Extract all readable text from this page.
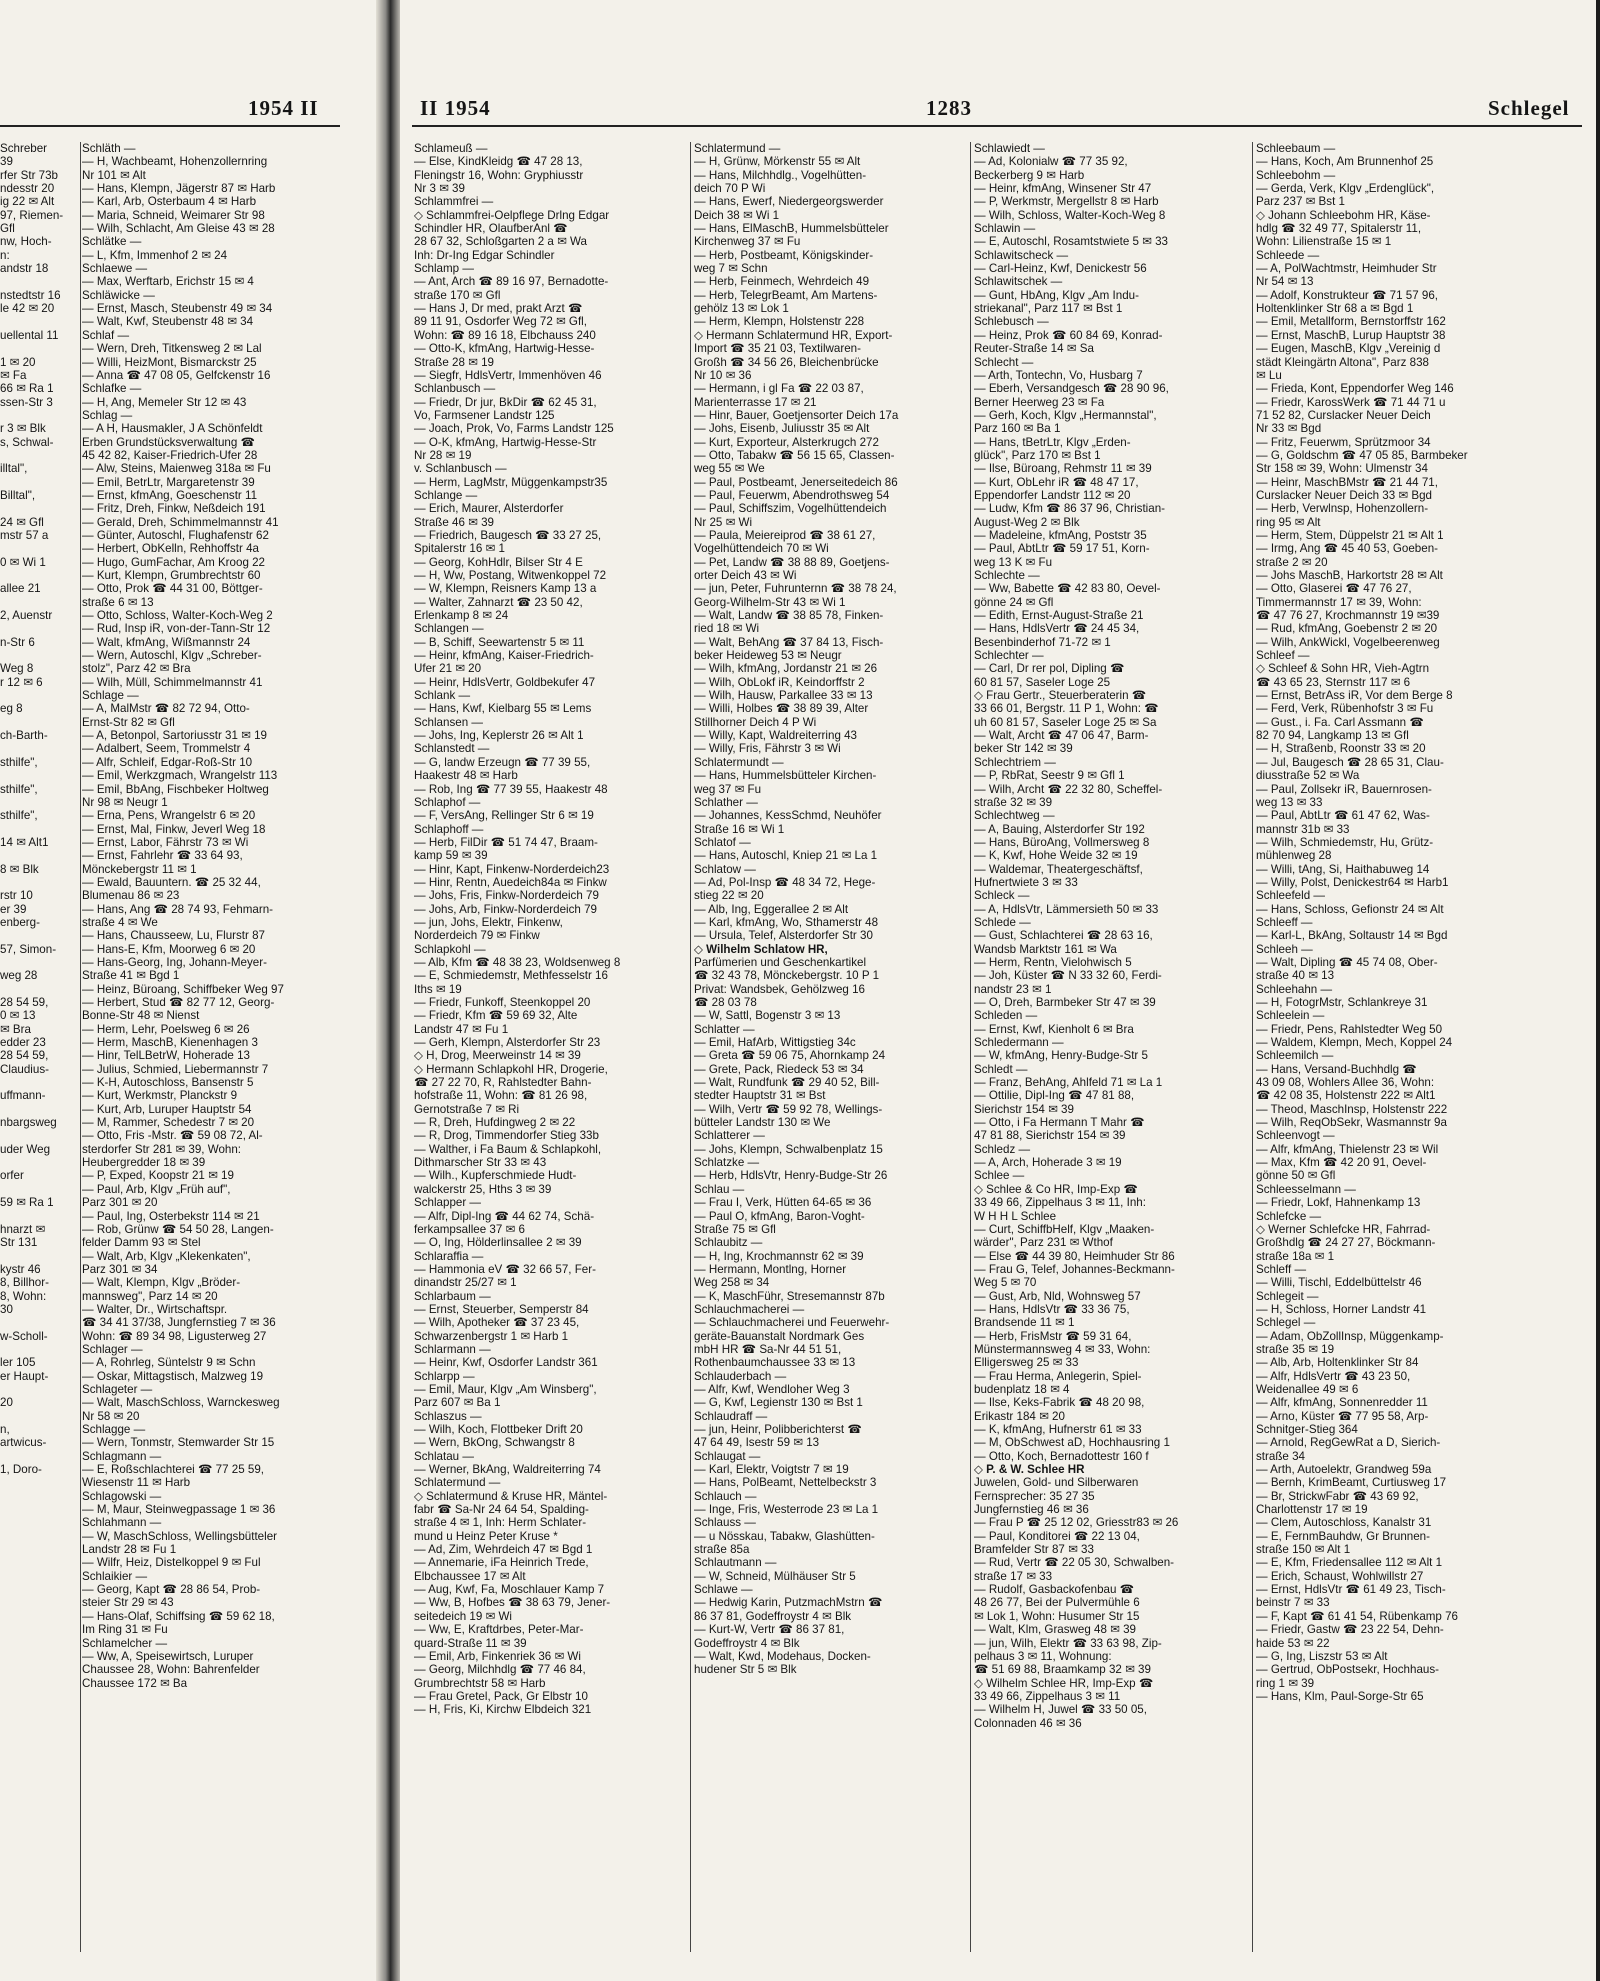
1954 II
Schreber
39
rfer Str 73b
ndesstr 20
ig 22 ✉ Alt
97, Riemen-
Gfl
nw, Hoch-
n:
andstr 18
nstedtstr 16
le 42 ✉ 20
uellental 11
1 ✉ 20
✉ Fa
66 ✉ Ra 1
ssen-Str 3
r 3 ✉ Blk
s, Schwal-
illtal",
Billtal",
24 ✉ Gfl
mstr 57 a
0 ✉ Wi 1
allee 21
2, Auenstr
n-Str 6
Weg 8
r 12 ✉ 6
eg 8
ch-Barth-
sthilfe",
sthilfe",
sthilfe",
14 ✉ Alt1
8 ✉ Blk
rstr 10
er 39
enberg-
57, Simon-
weg 28
28 54 59,
0 ✉ 13
✉ Bra
edder 23
28 54 59,
Claudius-
uffmann-
nbargsweg
uder Weg
orfer
59 ✉ Ra 1
hnarzt ✉
Str 131
kystr 46
8, Billhor-
8, Wohn:
30
w-Scholl-
ler 105
er Haupt-
20
n,
artwicus-
1, Doro-
Schläth —
— H, Wachbeamt, Hohenzollernring
Nr 101 ✉ Alt
— Hans, Klempn, Jägerstr 87 ✉ Harb
— Karl, Arb, Osterbaum 4 ✉ Harb
— Maria, Schneid, Weimarer Str 98
— Wilh, Schlacht, Am Gleise 43 ✉ 28
Schlätke —
— L, Kfm, Immenhof 2 ✉ 24
Schlaewe —
— Max, Werftarb, Erichstr 15 ✉ 4
Schläwicke —
— Ernst, Masch, Steubenstr 49 ✉ 34
— Walt, Kwf, Steubenstr 48 ✉ 34
Schlaf —
— Wern, Dreh, Titkensweg 2 ✉ Lal
— Willi, HeizMont, Bismarckstr 25
— Anna ☎ 47 08 05, Gelfckenstr 16
Schlafke —
— H, Ang, Memeler Str 12 ✉ 43
Schlag —
— A H, Hausmakler, J A Schönfeldt
Erben Grundstücksverwaltung ☎
45 42 82, Kaiser-Friedrich-Ufer 28
— Alw, Steins, Maienweg 318a ✉ Fu
— Emil, BetrLtr, Margaretenstr 39
— Ernst, kfmAng, Goeschenstr 11
— Fritz, Dreh, Finkw, Neßdeich 191
— Gerald, Dreh, Schimmelmannstr 41
— Günter, Autoschl, Flughafenstr 62
— Herbert, ObKelln, Rehhoffstr 4a
— Hugo, GumFachar, Am Kroog 22
— Kurt, Klempn, Grumbrechtstr 60
— Otto, Prok ☎ 44 31 00, Böttger-
straße 6 ✉ 13
— Otto, Schloss, Walter-Koch-Weg 2
— Rud, Insp iR, von-der-Tann-Str 12
— Walt, kfmAng, Wißmannstr 24
— Wern, Autoschl, Klgv „Schreber-
stolz", Parz 42 ✉ Bra
— Wilh, Müll, Schimmelmannstr 41
Schlage —
— A, MalMstr ☎ 82 72 94, Otto-
Ernst-Str 82 ✉ Gfl
— A, Betonpol, Sartoriusstr 31 ✉ 19
— Adalbert, Seem, Trommelstr 4
— Alfr, Schleif, Edgar-Roß-Str 10
— Emil, Werkzgmach, Wrangelstr 113
— Emil, BbAng, Fischbeker Holtweg
Nr 98 ✉ Neugr 1
— Erna, Pens, Wrangelstr 6 ✉ 20
— Ernst, Mal, Finkw, Jeverl Weg 18
— Ernst, Labor, Fährstr 73 ✉ Wi
— Ernst, Fahrlehr ☎ 33 64 93,
Mönckebergstr 11 ✉ 1
— Ewald, Bauuntern. ☎ 25 32 44,
Blumenau 86 ✉ 23
— Hans, Ang ☎ 28 74 93, Fehmarn-
straße 4 ✉ We
— Hans, Chausseew, Lu, Flurstr 87
— Hans-E, Kfm, Moorweg 6 ✉ 20
— Hans-Georg, Ing, Johann-Meyer-
Straße 41 ✉ Bgd 1
— Heinz, Büroang, Schiffbeker Weg 97
— Herbert, Stud ☎ 82 77 12, Georg-
Bonne-Str 48 ✉ Nienst
— Herm, Lehr, Poelsweg 6 ✉ 26
— Herm, MaschB, Kienenhagen 3
— Hinr, TelLBetrW, Hoherade 13
— Julius, Schmied, Liebermannstr 7
— K-H, Autoschloss, Bansenstr 5
— Kurt, Werkmstr, Planckstr 9
— Kurt, Arb, Luruper Hauptstr 54
— M, Rammer, Schedestr 7 ✉ 20
— Otto, Fris -Mstr. ☎ 59 08 72, Al-
sterdorfer Str 281 ✉ 39, Wohn:
Heubergredder 18 ✉ 39
— P, Exped, Koopstr 21 ✉ 19
— Paul, Arb, Klgv „Früh auf",
Parz 301 ✉ 20
— Paul, Ing, Osterbekstr 114 ✉ 21
— Rob, Grünw ☎ 54 50 28, Langen-
felder Damm 93 ✉ Stel
— Walt, Arb, Klgv „Klekenkaten",
Parz 301 ✉ 34
— Walt, Klempn, Klgv „Bröder-
mannsweg", Parz 14 ✉ 20
— Walter, Dr., Wirtschaftspr.
☎ 34 41 37/38, Jungfernstieg 7 ✉ 36
Wohn: ☎ 89 34 98, Ligusterweg 27
Schlager —
— A, Rohrleg, Süntelstr 9 ✉ Schn
— Oskar, Mittagstisch, Malzweg 19
Schlageter —
— Walt, MaschSchloss, Warnckesweg
Nr 58 ✉ 20
Schlagge —
— Wern, Tonmstr, Stemwarder Str 15
Schlagmann —
— E, Roßschlachterei ☎ 77 25 59,
Wiesenstr 11 ✉ Harb
Schlagowski —
— M, Maur, Steinwegpassage 1 ✉ 36
Schlahmann —
— W, MaschSchloss, Wellingsbütteler
Landstr 28 ✉ Fu 1
— Wilfr, Heiz, Distelkoppel 9 ✉ Ful
Schlaikier —
— Georg, Kapt ☎ 28 86 54, Prob-
steier Str 29 ✉ 43
— Hans-Olaf, Schiffsing ☎ 59 62 18,
Im Ring 31 ✉ Fu
Schlamelcher —
— Ww, A, Speisewirtsch, Luruper
Chaussee 28, Wohn: Bahrenfelder
Chaussee 172 ✉ Ba
II 1954	1283	Schlegel
Schlameuß —
— Else, KindKleidg ☎ 47 28 13,
Fleningstr 16, Wohn: Gryphiusstr
Nr 3 ✉ 39
Schlammfrei —
◇ Schlammfrei-Oelpflege Drlng Edgar
Schindler HR, OlaufberAnl ☎
28 67 32, Schloßgarten 2 a ✉ Wa
Inh: Dr-Ing Edgar Schindler
Schlamp —
— Ant, Arch ☎ 89 16 97, Bernadotte-
straße 170 ✉ Gfl
— Hans J, Dr med, prakt Arzt ☎
89 11 91, Osdorfer Weg 72 ✉ Gfl,
Wohn: ☎ 89 16 18, Elbchauss 240
— Otto-K, kfmAng, Hartwig-Hesse-
Straße 28 ✉ 19
— Siegfr, HdlsVertr, Immenhöven 46
Schlanbusch —
— Friedr, Dr jur, BkDir ☎ 62 45 31,
Vo, Farmsener Landstr 125
— Joach, Prok, Vo, Farms Landstr 125
— O-K, kfmAng, Hartwig-Hesse-Str
Nr 28 ✉ 19
v. Schlanbusch —
— Herm, LagMstr, Müggenkampstr35
Schlange —
— Erich, Maurer, Alsterdorfer
Straße 46 ✉ 39
— Friedrich, Baugesch ☎ 33 27 25,
Spitalerstr 16 ✉ 1
— Georg, KohHdlr, Bilser Str 4 E
— H, Ww, Postang, Witwenkoppel 72
— W, Klempn, Reisners Kamp 13 a
— Walter, Zahnarzt ☎ 23 50 42,
Erlenkamp 8 ✉ 24
Schlangen —
— B, Schiff, Seewartenstr 5 ✉ 11
— Heinr, kfmAng, Kaiser-Friedrich-
Ufer 21 ✉ 20
— Heinr, HdlsVertr, Goldbekufer 47
Schlank —
— Hans, Kwf, Kielbarg 55 ✉ Lems
Schlansen —
— Johs, Ing, Keplerstr 26 ✉ Alt 1
Schlanstedt —
— G, landw Erzeugn ☎ 77 39 55,
Haakestr 48 ✉ Harb
— Rob, Ing ☎ 77 39 55, Haakestr 48
Schlaphof —
— F, VersAng, Rellinger Str 6 ✉ 19
Schlaphoff —
— Herb, FilDir ☎ 51 74 47, Braam-
kamp 59 ✉ 39
— Hinr, Kapt, Finkenw-Norderdeich23
— Hinr, Rentn, Auedeich84a ✉ Finkw
— Johs, Fris, Finkw-Norderdeich 79
— Johs, Arb, Finkw-Norderdeich 79
— jun, Johs, Elektr, Finkenw,
Norderdeich 79 ✉ Finkw
Schlapkohl —
— Alb, Kfm ☎ 48 38 23, Woldsenweg 8
— E, Schmiedemstr, Methfesselstr 16
Iths ✉ 19
— Friedr, Funkoff, Steenkoppel 20
— Friedr, Kfm ☎ 59 69 32, Alte
Landstr 47 ✉ Fu 1
— Gerh, Klempn, Alsterdorfer Str 23
◇ H, Drog, Meerweinstr 14 ✉ 39
◇ Hermann Schlapkohl HR, Drogerie,
☎ 27 22 70, R, Rahlstedter Bahn-
hofstraße 11, Wohn: ☎ 81 26 98,
Gernotstraße 7 ✉ Ri
— R, Dreh, Hufdingweg 2 ✉ 22
— R, Drog, Timmendorfer Stieg 33b
— Walther, i Fa Baum & Schlapkohl,
Dithmarscher Str 33 ✉ 43
— Wilh., Kupferschmiede Hudt-
walckerstr 25, Hths 3 ✉ 39
Schlapper —
— Alfr, Dipl-Ing ☎ 44 62 74, Schä-
ferkampsallee 37 ✉ 6
— O, Ing, Hölderlinsallee 2 ✉ 39
Schlaraffia —
— Hammonia eV ☎ 32 66 57, Fer-
dinandstr 25/27 ✉ 1
Schlarbaum —
— Ernst, Steuerber, Semperstr 84
— Wilh, Apotheker ☎ 37 23 45,
Schwarzenbergstr 1 ✉ Harb 1
Schlarmann —
— Heinr, Kwf, Osdorfer Landstr 361
Schlarpp —
— Emil, Maur, Klgv „Am Winsberg",
Parz 607 ✉ Ba 1
Schlaszus —
— Wilh, Koch, Flottbeker Drift 20
— Wern, BkOng, Schwangstr 8
Schlatau —
— Werner, BkAng, Waldreiterring 74
Schlatermund —
◇ Schlatermund & Kruse HR, Mäntel-
fabr ☎ Sa-Nr 24 64 54, Spalding-
straße 4 ✉ 1, Inh: Herm Schlater-
mund u Heinz Peter Kruse *
— Ad, Zim, Wehrdeich 47 ✉ Bgd 1
— Annemarie, iFa Heinrich Trede,
Elbchaussee 17 ✉ Alt
— Aug, Kwf, Fa, Moschlauer Kamp 7
— Ww, B, Hofbes ☎ 38 63 79, Jener-
seitedeich 19 ✉ Wi
— Ww, E, Kraftdrbes, Peter-Mar-
quard-Straße 11 ✉ 39
— Emil, Arb, Finkenriek 36 ✉ Wi
— Georg, Milchhdlg ☎ 77 46 84,
Grumbrechtstr 58 ✉ Harb
— Frau Gretel, Pack, Gr Elbstr 10
— H, Fris, Ki, Kirchw Elbdeich 321
Schlatermund —
— H, Grünw, Mörkenstr 55 ✉ Alt
— Hans, Milchhdlg., Vogelhütten-
deich 70 P Wi
— Hans, Ewerf, Niedergeorgswerder
Deich 38 ✉ Wi 1
— Hans, ElMaschB, Hummelsbütteler
Kirchenweg 37 ✉ Fu
— Herb, Postbeamt, Königskinder-
weg 7 ✉ Schn
— Herb, Feinmech, Wehrdeich 49
— Herb, TelegrBeamt, Am Martens-
gehölz 13 ✉ Lok 1
— Herm, Klempn, Holstenstr 228
◇ Hermann Schlatermund HR, Export-
Import ☎ 35 21 03, Textilwaren-
Großh ☎ 34 56 26, Bleichenbrücke
Nr 10 ✉ 36
— Hermann, i gl Fa ☎ 22 03 87,
Marienterrasse 17 ✉ 21
— Hinr, Bauer, Goetjensorter Deich 17a
— Johs, Eisenb, Juliusstr 35 ✉ Alt
— Kurt, Exporteur, Alsterkrugch 272
— Otto, Tabakw ☎ 56 15 65, Classen-
weg 55 ✉ We
— Paul, Postbeamt, Jenerseitedeich 86
— Paul, Feuerwm, Abendrothsweg 54
— Paul, Schiffszim, Vogelhüttendeich
Nr 25 ✉ Wi
— Paula, Meiereiprod ☎ 38 61 27,
Vogelhüttendeich 70 ✉ Wi
— Pet, Landw ☎ 38 88 89, Goetjens-
orter Deich 43 ✉ Wi
— jun, Peter, Fuhrunternn ☎ 38 78 24,
Georg-Wilhelm-Str 43 ✉ Wi 1
— Walt, Landw ☎ 38 85 78, Finken-
ried 18 ✉ Wi
— Walt, BehAng ☎ 37 84 13, Fisch-
beker Heideweg 53 ✉ Neugr
— Wilh, kfmAng, Jordanstr 21 ✉ 26
— Wilh, ObLokf iR, Keindorffstr 2
— Wilh, Hausw, Parkallee 33 ✉ 13
— Willi, Holbes ☎ 38 89 39, Alter
Stillhorner Deich 4 P Wi
— Willy, Kapt, Waldreiterring 43
— Willy, Fris, Fährstr 3 ✉ Wi
Schlatermundt —
— Hans, Hummelsbütteler Kirchen-
weg 37 ✉ Fu
Schlather —
— Johannes, KessSchmd, Neuhöfer
Straße 16 ✉ Wi 1
Schlatof —
— Hans, Autoschl, Kniep 21 ✉ La 1
Schlatow —
— Ad, Pol-Insp ☎ 48 34 72, Hege-
stieg 22 ✉ 20
— Alb, Ing, Eggerallee 2 ✉ Alt
— Karl, kfmAng, Wo, Sthamerstr 48
— Ursula, Telef, Alsterdorfer Str 30
◇ Wilhelm Schlatow HR,
Parfümerien und Geschenkartikel
☎ 32 43 78, Mönckebergstr. 10 P 1
Privat: Wandsbek, Gehölzweg 16
☎ 28 03 78
— W, Sattl, Bogenstr 3 ✉ 13
Schlatter —
— Emil, HafArb, Wittigstieg 34c
— Greta ☎ 59 06 75, Ahornkamp 24
— Grete, Pack, Riedeck 53 ✉ 34
— Walt, Rundfunk ☎ 29 40 52, Bill-
stedter Hauptstr 31 ✉ Bst
— Wilh, Vertr ☎ 59 92 78, Wellings-
bütteler Landstr 130 ✉ We
Schlatterer —
— Johs, Klempn, Schwalbenplatz 15
Schlatzke —
— Herb, HdlsVtr, Henry-Budge-Str 26
Schlau —
— Frau I, Verk, Hütten 64-65 ✉ 36
— Paul O, kfmAng, Baron-Voght-
Straße 75 ✉ Gfl
Schlaubitz —
— H, Ing, Krochmannstr 62 ✉ 39
— Hermann, Montlng, Horner
Weg 258 ✉ 34
— K, MaschFühr, Stresemannstr 87b
Schlauchmacherei —
— Schlauchmacherei und Feuerwehr-
geräte-Bauanstalt Nordmark Ges
mbH HR ☎ Sa-Nr 44 51 51,
Rothenbaumchaussee 33 ✉ 13
Schlauderbach —
— Alfr, Kwf, Wendloher Weg 3
— G, Kwf, Legienstr 130 ✉ Bst 1
Schlaudraff —
— jun, Heinr, Polibberichterst ☎
47 64 49, Isestr 59 ✉ 13
Schlaugat —
— Karl, Elektr, Voigtstr 7 ✉ 19
— Hans, PolBeamt, Nettelbeckstr 3
Schlauch —
— Inge, Fris, Westerrode 23 ✉ La 1
Schlauss —
— u Nösskau, Tabakw, Glashütten-
straße 85a
Schlautmann —
— W, Schneid, Mülhäuser Str 5
Schlawe —
— Hedwig Karin, PutzmachMstrn ☎
86 37 81, Godeffroystr 4 ✉ Blk
— Kurt-W, Vertr ☎ 86 37 81,
Godeffroystr 4 ✉ Blk
— Walt, Kwd, Modehaus, Docken-
hudener Str 5 ✉ Blk
Schlawiedt —
— Ad, Kolonialw ☎ 77 35 92,
Beckerberg 9 ✉ Harb
— Heinr, kfmAng, Winsener Str 47
— P, Werkmstr, Mergellstr 8 ✉ Harb
— Wilh, Schloss, Walter-Koch-Weg 8
Schlawin —
— E, Autoschl, Rosamtstwiete 5 ✉ 33
Schlawitscheck —
— Carl-Heinz, Kwf, Denickestr 56
Schlawitschek —
— Gunt, HbAng, Klgv „Am Indu-
striekanal", Parz 117 ✉ Bst 1
Schlebusch —
— Heinz, Prok ☎ 60 84 69, Konrad-
Reuter-Straße 14 ✉ Sa
Schlecht —
— Arth, Tontechn, Vo, Husbarg 7
— Eberh, Versandgesch ☎ 28 90 96,
Berner Heerweg 23 ✉ Fa
— Gerh, Koch, Klgv „Hermannstal",
Parz 160 ✉ Ba 1
— Hans, tBetrLtr, Klgv „Erden-
glück", Parz 170 ✉ Bst 1
— Ilse, Büroang, Rehmstr 11 ✉ 39
— Kurt, ObLehr iR ☎ 48 47 17,
Eppendorfer Landstr 112 ✉ 20
— Ludw, Kfm ☎ 86 37 96, Christian-
August-Weg 2 ✉ Blk
— Madeleine, kfmAng, Poststr 35
— Paul, AbtLtr ☎ 59 17 51, Korn-
weg 13 K ✉ Fu
Schlechte —
— Ww, Babette ☎ 42 83 80, Oevel-
gönne 24 ✉ Gfl
— Edith, Ernst-August-Straße 21
— Hans, HdlsVertr ☎ 24 45 34,
Besenbinderhof 71-72 ✉ 1
Schlechter —
— Carl, Dr rer pol, Dipling ☎
60 81 57, Saseler Loge 25
◇ Frau Gertr., Steuerberaterin ☎
33 66 01, Bergstr. 11 P 1, Wohn: ☎
uh 60 81 57, Saseler Loge 25 ✉ Sa
— Walt, Archt ☎ 47 06 47, Barm-
beker Str 142 ✉ 39
Schlechtriem —
— P, RbRat, Seestr 9 ✉ Gfl 1
— Wilh, Archt ☎ 22 32 80, Scheffel-
straße 32 ✉ 39
Schlechtweg —
— A, Bauing, Alsterdorfer Str 192
— Hans, BüroAng, Vollmersweg 8
— K, Kwf, Hohe Weide 32 ✉ 19
— Waldemar, Theatergeschäftsf,
Hufnertwiete 3 ✉ 33
Schleck —
— A, HdlsVtr, Lämmersieth 50 ✉ 33
Schlede —
— Gust, Schlachterei ☎ 28 63 16,
Wandsb Marktstr 161 ✉ Wa
— Herm, Rentn, Vielohwisch 5
— Joh, Küster ☎ N 33 32 60, Ferdi-
nandstr 23 ✉ 1
— O, Dreh, Barmbeker Str 47 ✉ 39
Schleden —
— Ernst, Kwf, Kienholt 6 ✉ Bra
Schledermann —
— W, kfmAng, Henry-Budge-Str 5
Schledt —
— Franz, BehAng, Ahlfeld 71 ✉ La 1
— Ottilie, Dipl-Ing ☎ 47 81 88,
Sierichstr 154 ✉ 39
— Otto, i Fa Hermann T Mahr ☎
47 81 88, Sierichstr 154 ✉ 39
Schledz —
— A, Arch, Hoherade 3 ✉ 19
Schlee —
◇ Schlee & Co HR, Imp-Exp ☎
33 49 66, Zippelhaus 3 ✉ 11, Inh:
W H H L Schlee
— Curt, SchiffbHelf, Klgv „Maaken-
wärder", Parz 231 ✉ Wthof
— Else ☎ 44 39 80, Heimhuder Str 86
— Frau G, Telef, Johannes-Beckmann-
Weg 5 ✉ 70
— Gust, Arb, Nld, Wohnsweg 57
— Hans, HdlsVtr ☎ 33 36 75,
Brandsende 11 ✉ 1
— Herb, FrisMstr ☎ 59 31 64,
Münstermannsweg 4 ✉ 33, Wohn:
Elligersweg 25 ✉ 33
— Frau Herma, Anlegerin, Spiel-
budenplatz 18 ✉ 4
— Ilse, Keks-Fabrik ☎ 48 20 98,
Erikastr 184 ✉ 20
— K, kfmAng, Hufnerstr 61 ✉ 33
— M, ObSchwest aD, Hochhausring 1
— Otto, Koch, Bernadottestr 160 f
◇ P. & W. Schlee HR
Juwelen, Gold- und Silberwaren
Fernsprecher: 35 27 35
Jungfernstieg 46 ✉ 36
— Frau P ☎ 25 12 02, Griesstr83 ✉ 26
— Paul, Konditorei ☎ 22 13 04,
Bramfelder Str 87 ✉ 33
— Rud, Vertr ☎ 22 05 30, Schwalben-
straße 17 ✉ 33
— Rudolf, Gasbackofenbau ☎
48 26 77, Bei der Pulvermühle 6
✉ Lok 1, Wohn: Husumer Str 15
— Walt, Klm, Grasweg 48 ✉ 39
— jun, Wilh, Elektr ☎ 33 63 98, Zip-
pelhaus 3 ✉ 11, Wohnung:
☎ 51 69 88, Braamkamp 32 ✉ 39
◇ Wilhelm Schlee HR, Imp-Exp ☎
33 49 66, Zippelhaus 3 ✉ 11
— Wilhelm H, Juwel ☎ 33 50 05,
Colonnaden 46 ✉ 36
Schleebaum —
— Hans, Koch, Am Brunnenhof 25
Schleebohm —
— Gerda, Verk, Klgv „Erdenglück",
Parz 237 ✉ Bst 1
◇ Johann Schleebohm HR, Käse-
hdlg ☎ 32 49 77, Spitalerstr 11,
Wohn: Lilienstraße 15 ✉ 1
Schleede —
— A, PolWachtmstr, Heimhuder Str
Nr 54 ✉ 13
— Adolf, Konstrukteur ☎ 71 57 96,
Holtenklinker Str 68 a ✉ Bgd 1
— Emil, Metallform, Bernstorffstr 162
— Ernst, MaschB, Lurup Hauptstr 38
— Eugen, MaschB, Klgv „Vereinig d
städt Kleingärtn Altona", Parz 838
✉ Lu
— Frieda, Kont, Eppendorfer Weg 146
— Friedr, KarossWerk ☎ 71 44 71 u
71 52 82, Curslacker Neuer Deich
Nr 33 ✉ Bgd
— Fritz, Feuerwm, Sprützmoor 34
— G, Goldschm ☎ 47 05 85, Barmbeker
Str 158 ✉ 39, Wohn: Ulmenstr 34
— Heinr, MaschBMstr ☎ 21 44 71,
Curslacker Neuer Deich 33 ✉ Bgd
— Herb, Verwlnsp, Hohenzollern-
ring 95 ✉ Alt
— Herm, Stem, Düppelstr 21 ✉ Alt 1
— Irmg, Ang ☎ 45 40 53, Goeben-
straße 2 ✉ 20
— Johs MaschB, Harkortstr 28 ✉ Alt
— Otto, Glaserei ☎ 47 76 27,
Timmermannstr 17 ✉ 39, Wohn:
☎ 47 76 27, Krochmannstr 19 ✉39
— Rud, kfmAng, Goebenstr 2 ✉ 20
— Wilh, AnkWickl, Vogelbeerenweg
Schleef —
◇ Schleef & Sohn HR, Vieh-Agtrn
☎ 43 65 23, Sternstr 117 ✉ 6
— Ernst, BetrAss iR, Vor dem Berge 8
— Ferd, Verk, Rübenhofstr 3 ✉ Fu
— Gust., i. Fa. Carl Assmann ☎
82 70 94, Langkamp 13 ✉ Gfl
— H, Straßenb, Roonstr 33 ✉ 20
— Jul, Baugesch ☎ 28 65 31, Clau-
diusstraße 52 ✉ Wa
— Paul, Zollsekr iR, Bauernrosen-
weg 13 ✉ 33
— Paul, AbtLtr ☎ 61 47 62, Was-
mannstr 31b ✉ 33
— Wilh, Schmiedemstr, Hu, Grütz-
mühlenweg 28
— Willi, tAng, Si, Haithabuweg 14
— Willy, Polst, Denickestr64 ✉ Harb1
Schleefeld —
— Hans, Schloss, Gefionstr 24 ✉ Alt
Schleeff —
— Karl-L, BkAng, Soltaustr 14 ✉ Bgd
Schleeh —
— Walt, Dipling ☎ 45 74 08, Ober-
straße 40 ✉ 13
Schleehahn —
— H, FotogrMstr, Schlankreye 31
Schleelein —
— Friedr, Pens, Rahlstedter Weg 50
— Waldem, Klempn, Mech, Koppel 24
Schleemilch —
— Hans, Versand-Buchhdlg ☎
43 09 08, Wohlers Allee 36, Wohn:
☎ 42 08 35, Holstenstr 222 ✉ Alt1
— Theod, MaschInsp, Holstenstr 222
— Wilh, ReqObSekr, Wasmannstr 9a
Schleenvogt —
— Alfr, kfmAng, Thielenstr 23 ✉ Wil
— Max, Kfm ☎ 42 20 91, Oevel-
gönne 50 ✉ Gfl
Schleesselmann —
— Friedr, Lokf, Hahnenkamp 13
Schlefcke —
◇ Werner Schlefcke HR, Fahrrad-
Großhdlg ☎ 24 27 27, Böckmann-
straße 18a ✉ 1
Schleff —
— Willi, Tischl, Eddelbüttelstr 46
Schlegeit —
— H, Schloss, Horner Landstr 41
Schlegel —
— Adam, ObZollInsp, Müggenkamp-
straße 35 ✉ 19
— Alb, Arb, Holtenklinker Str 84
— Alfr, HdlsVertr ☎ 43 23 50,
Weidenallee 49 ✉ 6
— Alfr, kfmAng, Sonnenredder 11
— Arno, Küster ☎ 77 95 58, Arp-
Schnitger-Stieg 364
— Arnold, RegGewRat a D, Sierich-
straße 34
— Arth, Autoelektr, Grandweg 59a
— Bernh, KrimBeamt, Curtiusweg 17
— Br, StrickwFabr ☎ 43 69 92,
Charlottenstr 17 ✉ 19
— Clem, Autoschloss, Kanalstr 31
— E, FernmBauhdw, Gr Brunnen-
straße 150 ✉ Alt 1
— E, Kfm, Friedensallee 112 ✉ Alt 1
— Erich, Schaust, Wohlwillstr 27
— Ernst, HdlsVtr ☎ 61 49 23, Tisch-
beinstr 7 ✉ 33
— F, Kapt ☎ 61 41 54, Rübenkamp 76
— Friedr, Gastw ☎ 23 22 54, Dehn-
haide 53 ✉ 22
— G, Ing, Liszstr 53 ✉ Alt
— Gertrud, ObPostsekr, Hochhaus-
ring 1 ✉ 39
— Hans, Klm, Paul-Sorge-Str 65
